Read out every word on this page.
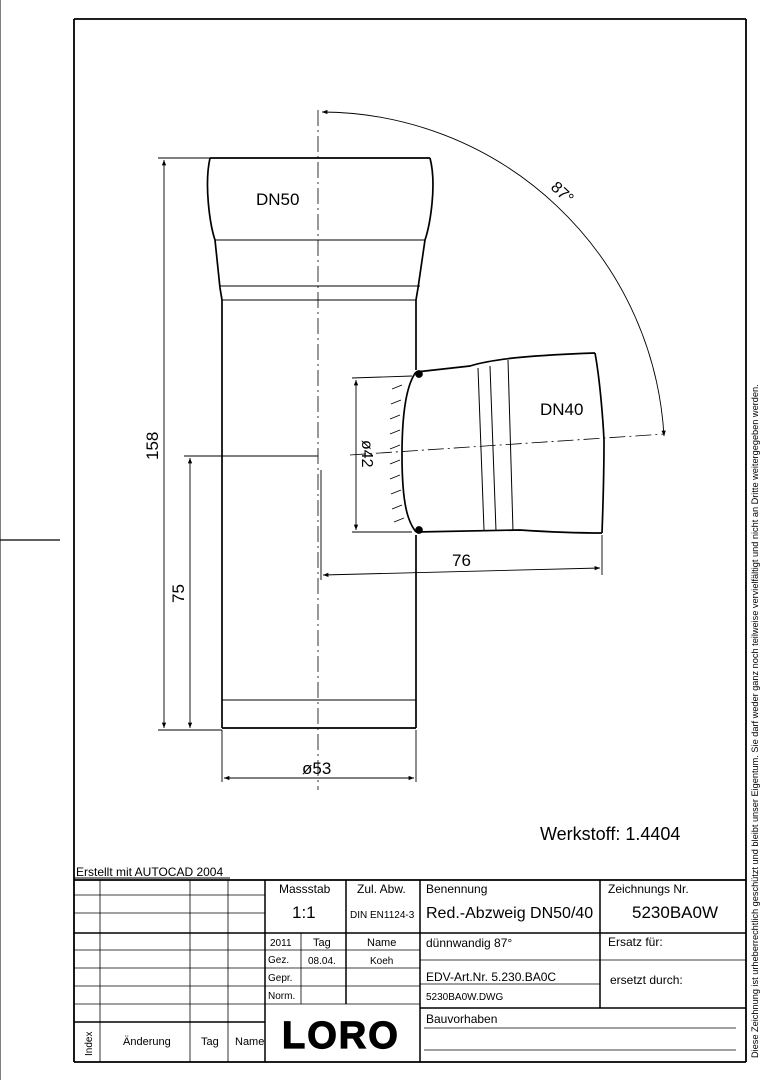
DN50
DN40
87°
158
75
76
ø42
ø53
Werkstoff: 1.4404
Erstellt mit AUTOCAD 2004
Massstab
1:1
Zul. Abw.
DIN EN1124-3
2011 Tag	Name
Gez. 08.04.	Koeh
Gepr.
Norm.
Benennung
Red.-Abzweig DN50/40
dünnwandig 87°
EDV-Art.Nr. 5.230.BA0C
5230BA0W.DWG
Zeichnungs Nr.
5230BA0W
Ersatz für:
ersetzt durch:
Bauvorhaben
Index	Änderung	Tag Name LORO	Diese Zeichnung ist urheberrechtlich geschützt und bleibt unser Eigentum. Sie darf weder ganz noch teilweise vervielfältigt und nicht an Dritte weitergegeben werden.
